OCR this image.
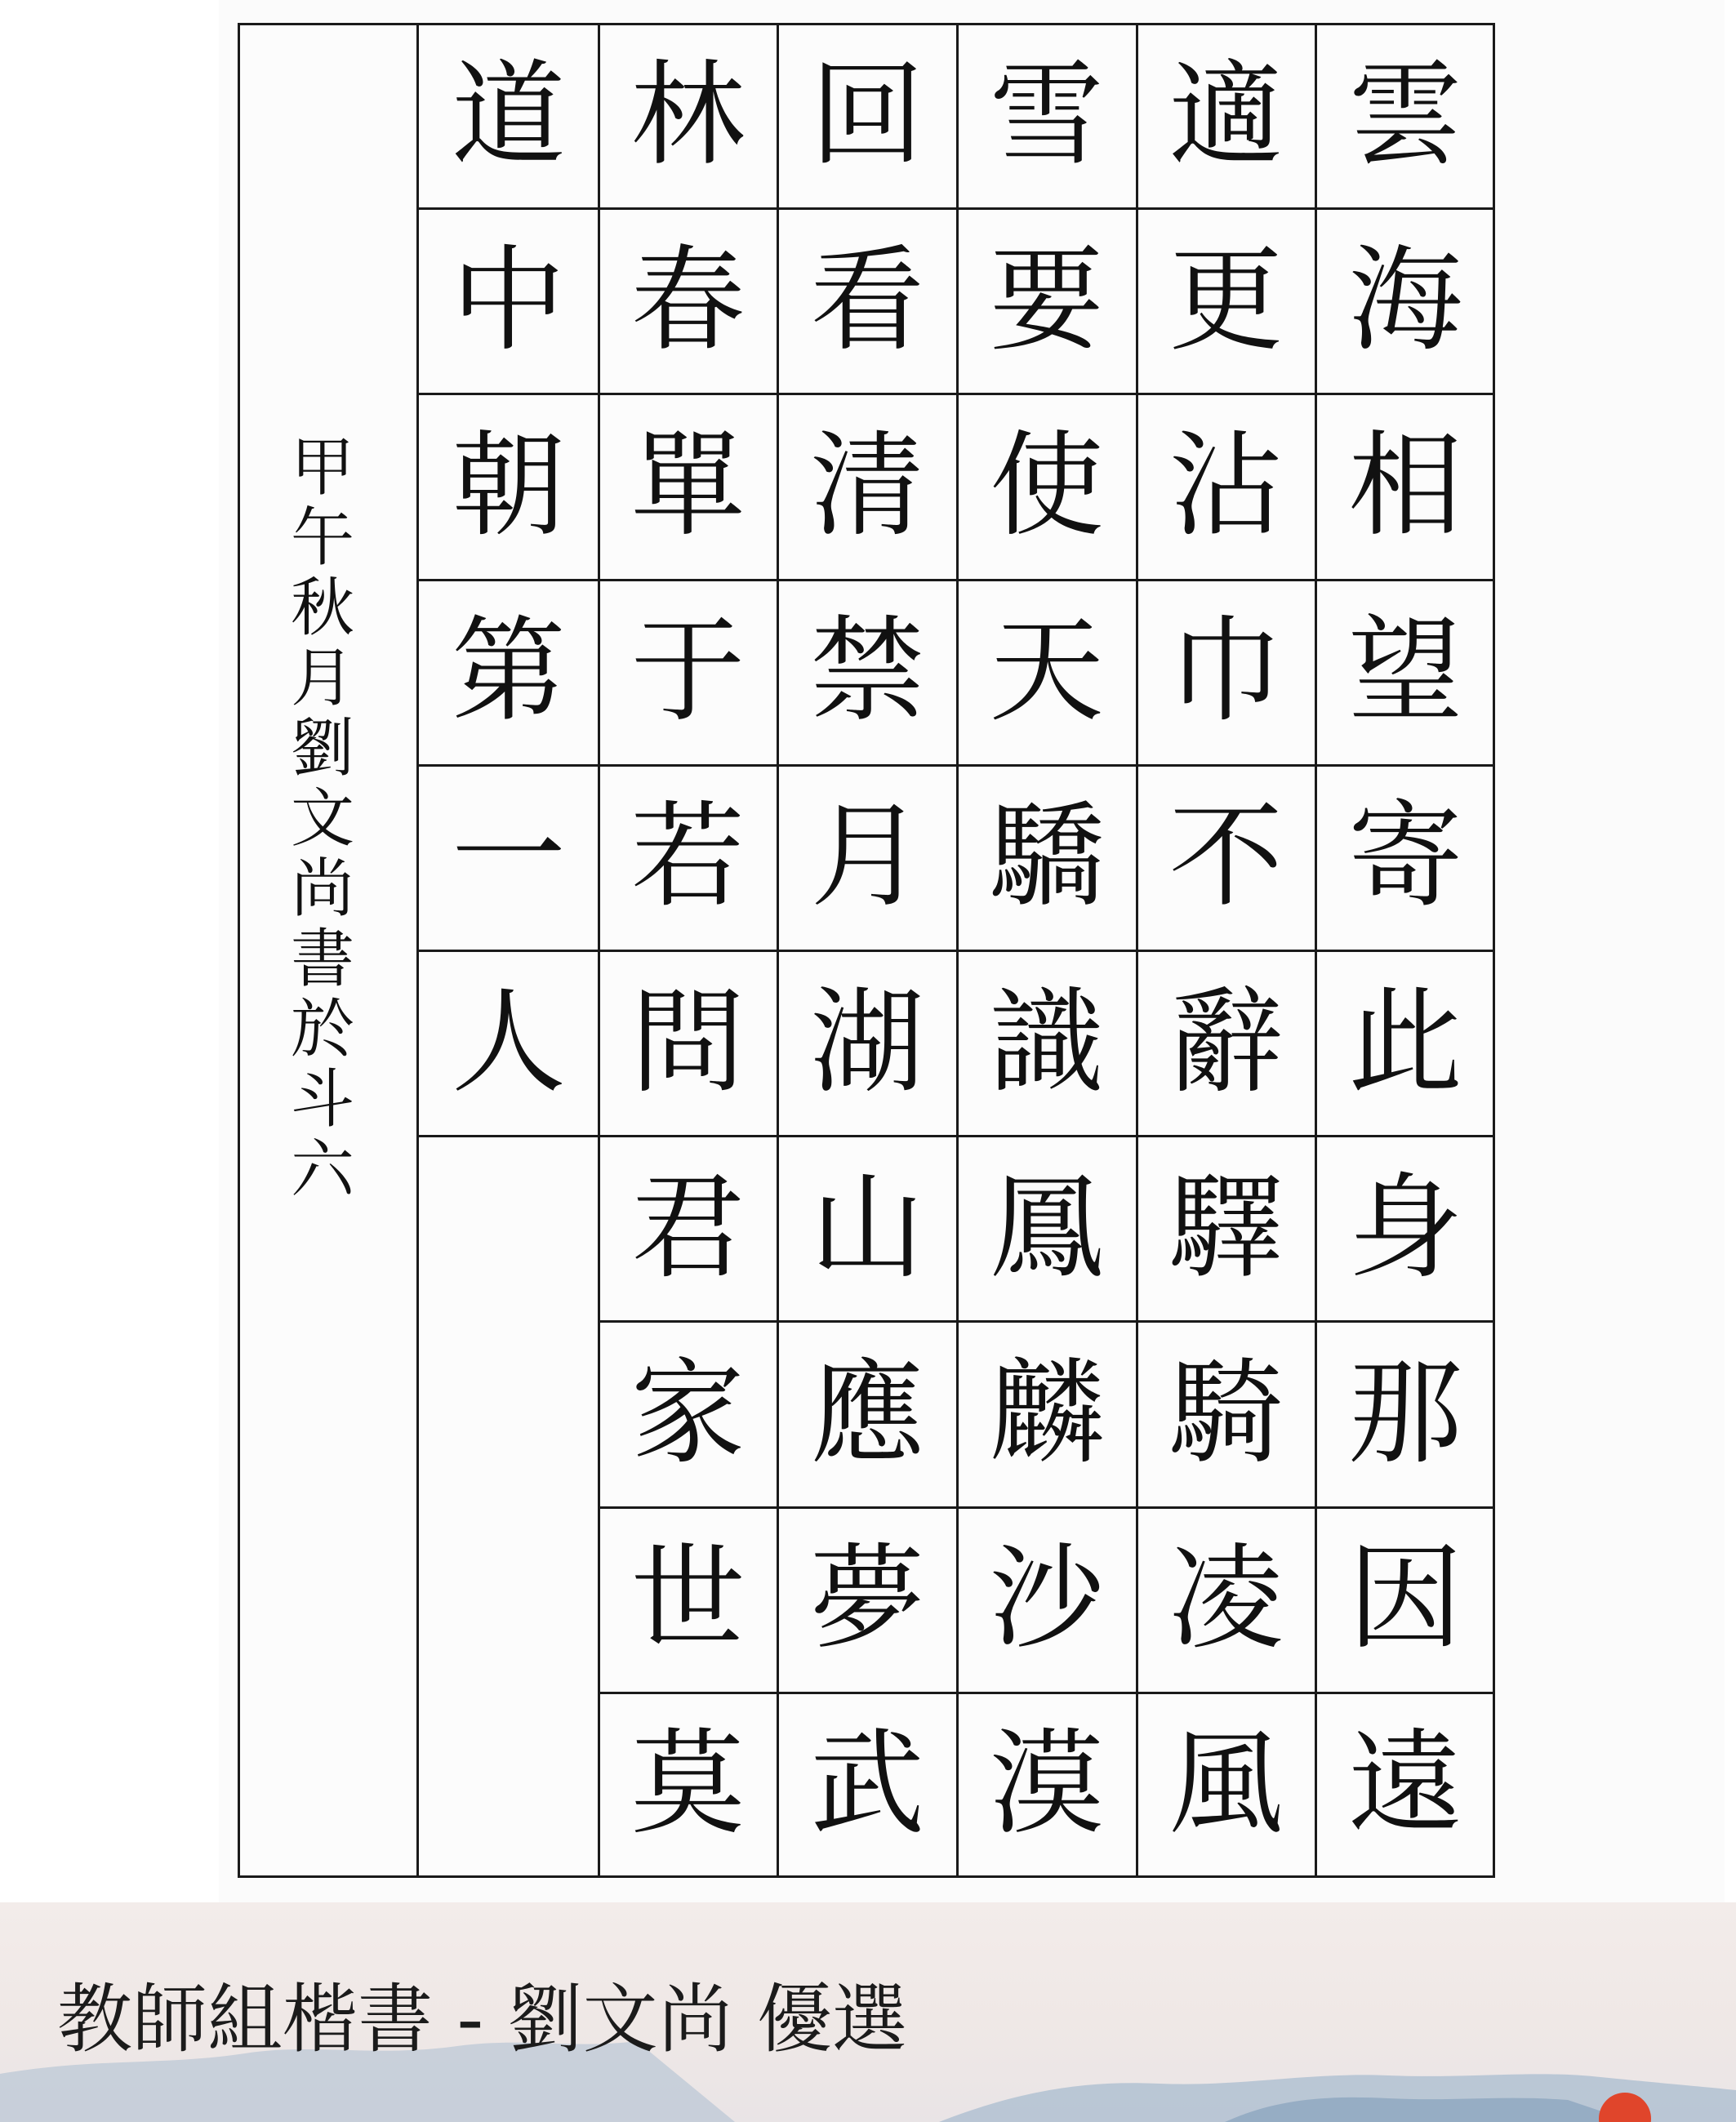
甲午秋月劉文尚書於斗六
雲
海
相
望
寄
此
身
那
因
遠
適
更
沾
巾
不
辭
驛
騎
凌
風
雪
要
使
天
驕
識
鳳
麟
沙
漠
回
看
清
禁
月
湖
山
應
夢
武
林
春
單
于
若
問
君
家
世
莫
道
中
朝
第
一
人
教師組楷書 - 劉文尚 優選
